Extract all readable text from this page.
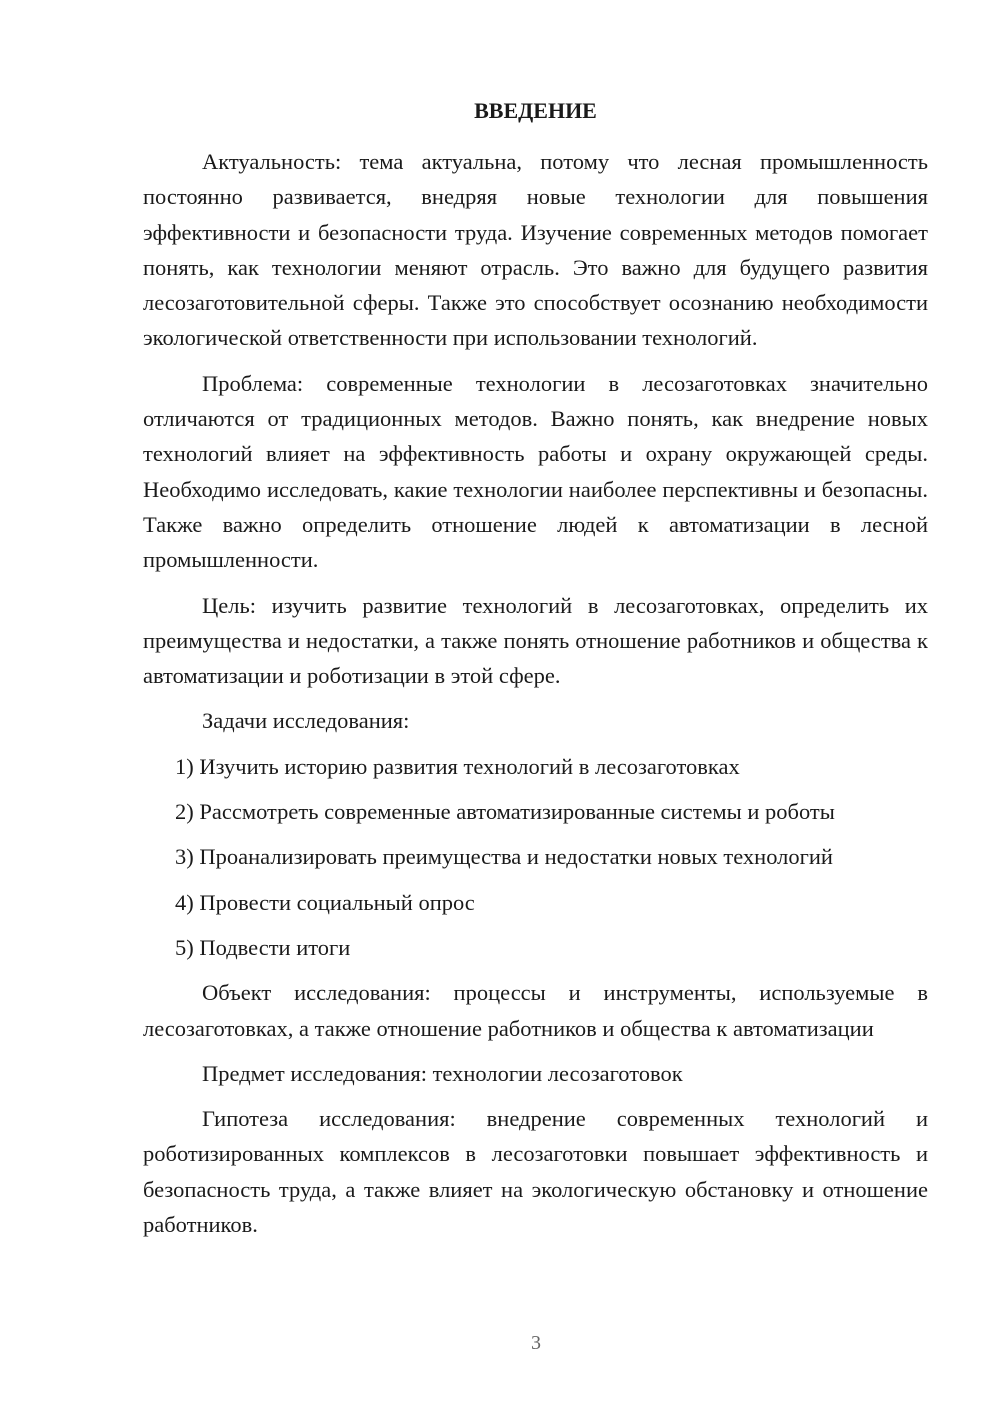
ВВЕДЕНИЕ

Актуальность: тема актуальна, потому что лесная промышленность постоянно развивается, внедряя новые технологии для повышения эффективности и безопасности труда. Изучение современных методов помогает понять, как технологии меняют отрасль. Это важно для будущего развития лесозаготовительной сферы. Также это способствует осознанию необходимости экологической ответственности при использовании технологий.

Проблема: современные технологии в лесозаготовках значительно отличаются от традиционных методов. Важно понять, как внедрение новых технологий влияет на эффективность работы и охрану окружающей среды. Необходимо исследовать, какие технологии наиболее перспективны и безопасны. Также важно определить отношение людей к автоматизации в лесной промышленности.

Цель: изучить развитие технологий в лесозаготовках, определить их преимущества и недостатки, а также понять отношение работников и общества к автоматизации и роботизации в этой сфере.

Задачи исследования:

1) Изучить историю развития технологий в лесозаготовках
2) Рассмотреть современные автоматизированные системы и роботы
3) Проанализировать преимущества и недостатки новых технологий
4) Провести социальный опрос
5) Подвести итоги

Объект исследования: процессы и инструменты, используемые в лесозаготовках, а также отношение работников и общества к автоматизации

Предмет исследования: технологии лесозаготовок

Гипотеза исследования: внедрение современных технологий и роботизированных комплексов в лесозаготовки повышает эффективность и безопасность труда, а также влияет на экологическую обстановку и отношение работников.

3
